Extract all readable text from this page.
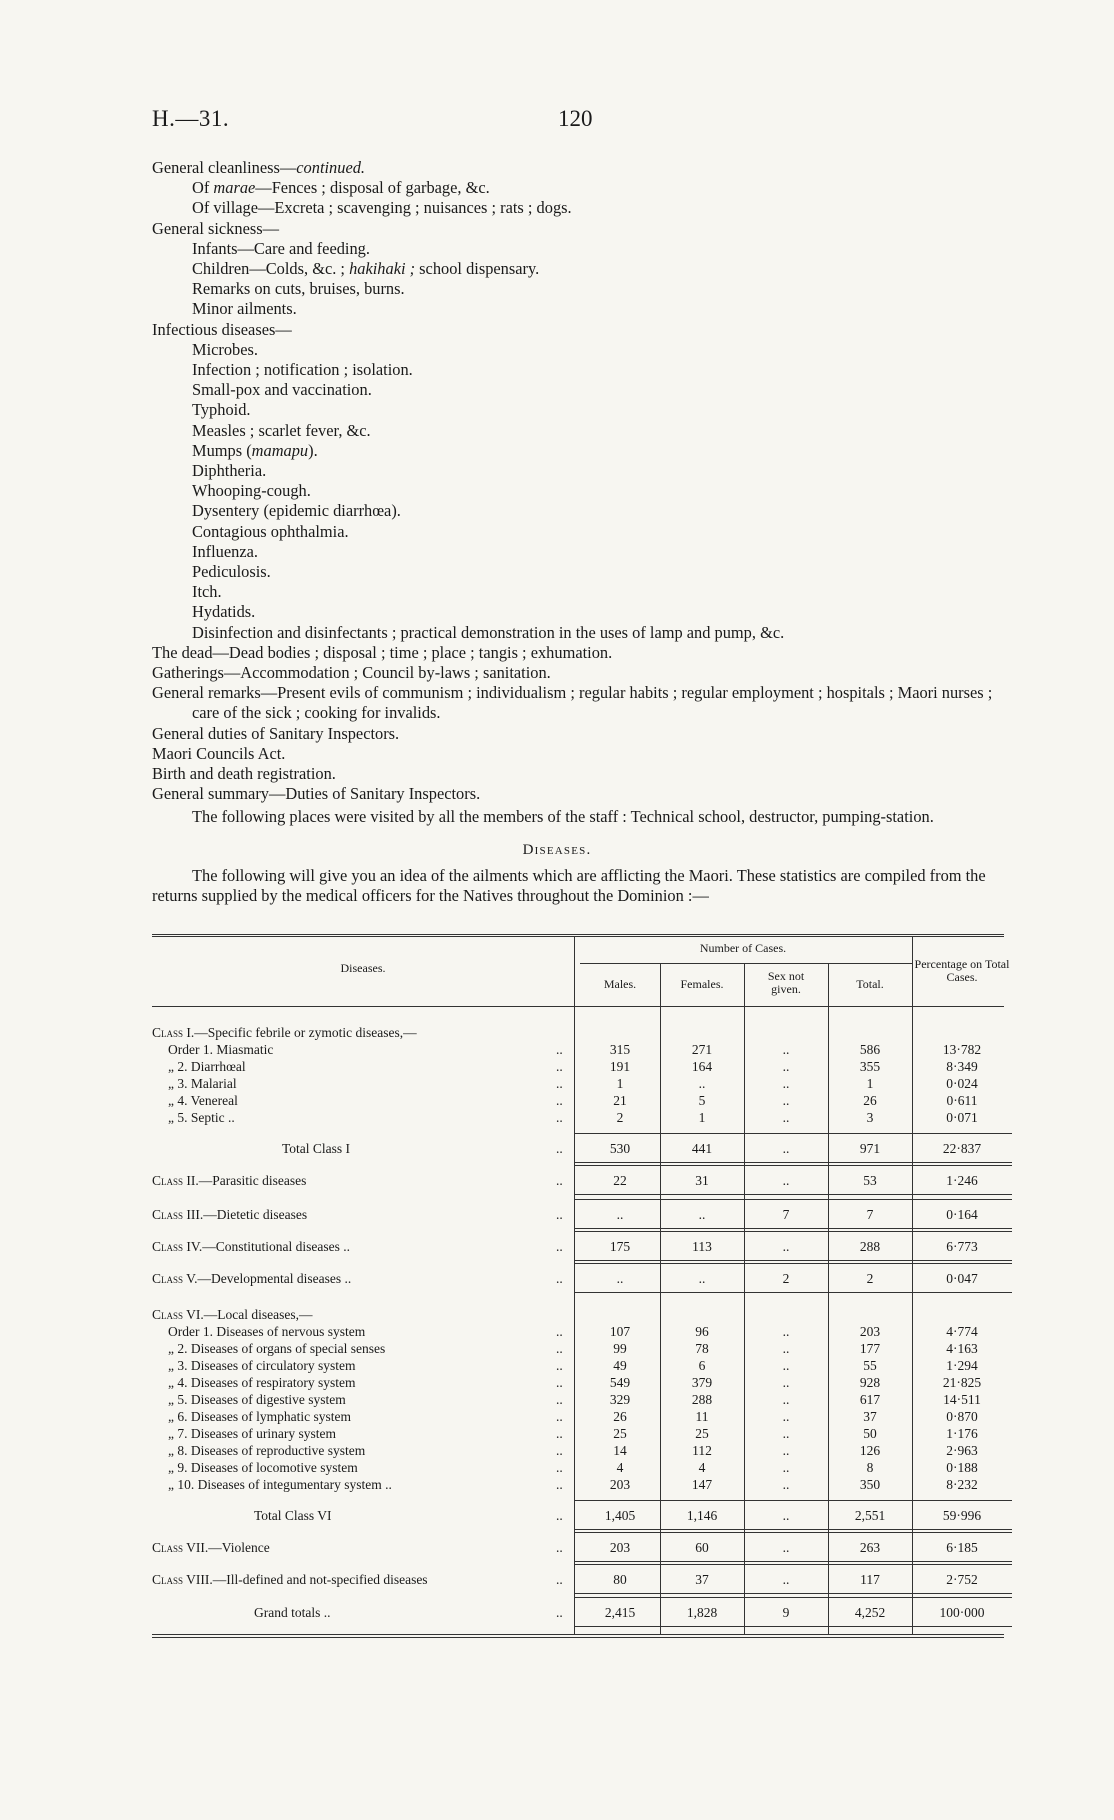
H.—31.	120

General cleanliness—continued.

Of marae—Fences ; disposal of garbage, &c.

Of village—Excreta ; scavenging ; nuisances ; rats ; dogs.

General sickness—

Infants—Care and feeding.

Children—Colds, &c. ; hakihaki ; school dispensary.

Remarks on cuts, bruises, burns.

Minor ailments.

Infectious diseases—

Microbes.

Infection ; notification ; isolation.

Small-pox and vaccination.

Typhoid.

Measles ; scarlet fever, &c.

Mumps (mamapu).

Diphtheria.

Whooping-cough.

Dysentery (epidemic diarrhœa).

Contagious ophthalmia.

Influenza.

Pediculosis.

Itch.

Hydatids.

Disinfection and disinfectants ; practical demonstration in the uses of lamp and pump, &c.

The dead—Dead bodies ; disposal ; time ; place ; tangis ; exhumation.

Gatherings—Accommodation ; Council by-laws ; sanitation.

General remarks—Present evils of communism ; individualism ; regular habits ; regular employment ; hospitals ; Maori nurses ; care of the sick ; cooking for invalids.

General duties of Sanitary Inspectors.

Maori Councils Act.

Birth and death registration.

General summary—Duties of Sanitary Inspectors.

The following places were visited by all the members of the staff : Technical school, destructor, pumping-station.

Diseases.
The following will give you an idea of the ailments which are afflicting the Maori. These statistics are compiled from the returns supplied by the medical officers for the Natives throughout the Dominion :—
Diseases.
Number of Cases.
Males.	Females.
Sex not given.	Total.
Percentage on Total Cases.
Class I.—Specific febrile or zymotic diseases,—
Order 1. Miasmatic	..	315	271	..	586	13·782
„ 2. Diarrhœal	..	191	164	..	355	8·349
„ 3. Malarial	..	1	..	..	1	0·024
„ 4. Venereal	..	21	5	..	26	0·611
„ 5. Septic ..	..	2	1	..	3	0·071
Total Class I	..	530	441	..	971	22·837
Class II.—Parasitic diseases	..	22	31	..	53	1·246
Class III.—Dietetic diseases	..	..	..	7	7	0·164
Class IV.—Constitutional diseases ..	..	175	113	..	288	6·773
Class V.—Developmental diseases ..	..	..	..	2	2	0·047
Class VI.—Local diseases,—
Order 1. Diseases of nervous system	..	107	96	..	203	4·774
„ 2. Diseases of organs of special senses	..	99	78	..	177	4·163
„ 3. Diseases of circulatory system	..	49	6	..	55	1·294
„ 4. Diseases of respiratory system	..	549	379	..	928	21·825
„ 5. Diseases of digestive system	..	329	288	..	617	14·511
„ 6. Diseases of lymphatic system	..	26	11	..	37	0·870
„ 7. Diseases of urinary system	..	25	25	..	50	1·176
„ 8. Diseases of reproductive system	..	14	112	..	126	2·963
„ 9. Diseases of locomotive system	..	4	4	..	8	0·188
„ 10. Diseases of integumentary system ..	..	203	147	..	350	8·232
Total Class VI	..	1,405	1,146	..	2,551	59·996
Class VII.—Violence	..	203	60	..	263	6·185
Class VIII.—Ill-defined and not-specified diseases	..	80	37	..	117	2·752
Grand totals ..	..	2,415	1,828	9	4,252	100·000
